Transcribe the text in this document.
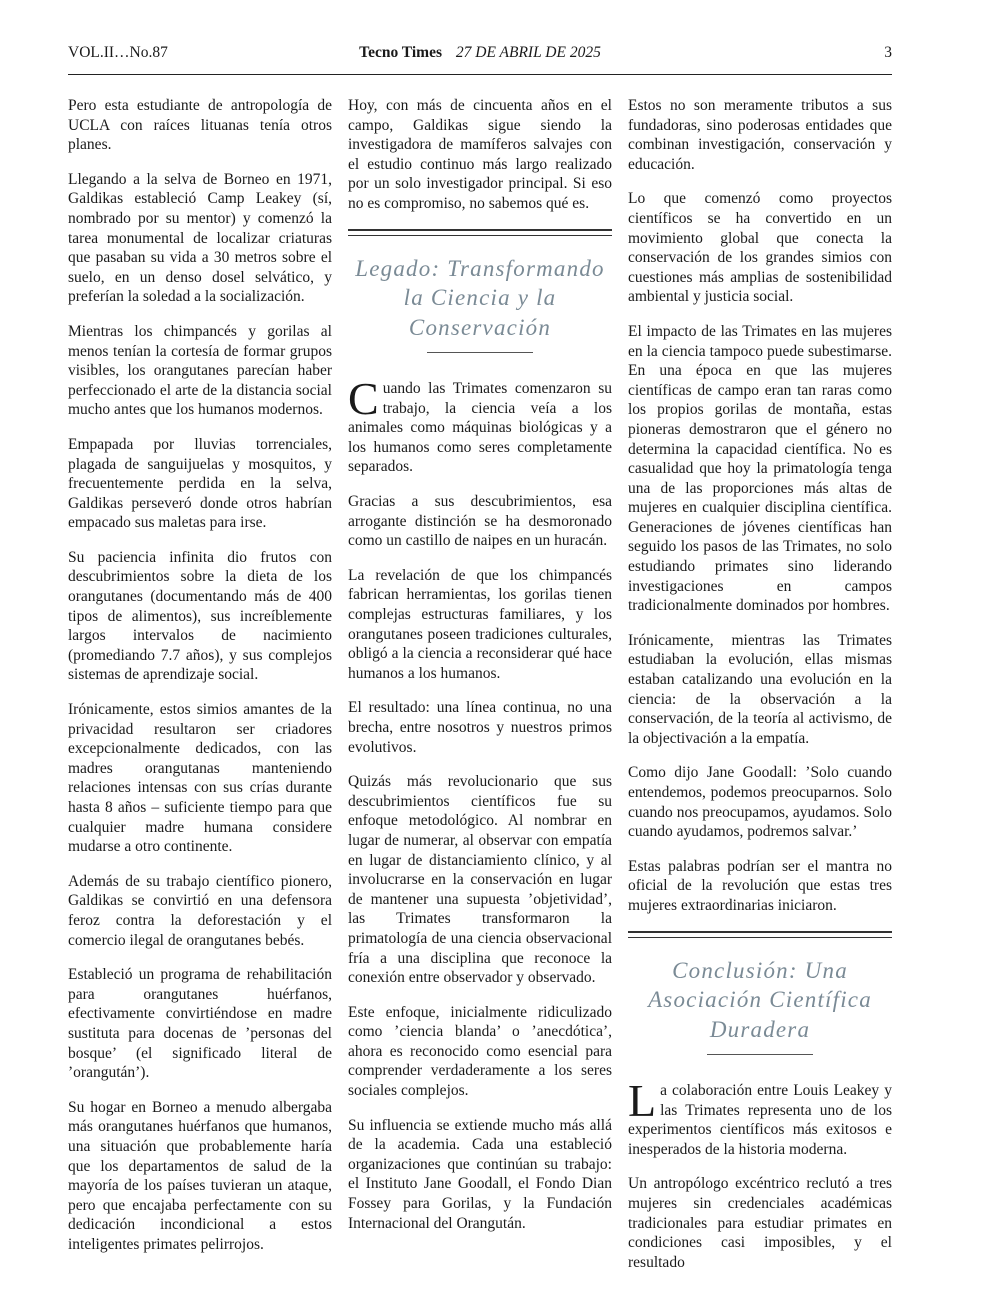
VOL.II…No.87	Tecno Times 27 DE ABRIL DE 2025	3

Pero esta estudiante de antropología de UCLA con raíces lituanas tenía otros planes.

Llegando a la selva de Borneo en 1971, Galdikas estableció Camp Leakey (sí, nombrado por su mentor) y comenzó la tarea monumental de localizar criaturas que pasaban su vida a 30 metros sobre el suelo, en un denso dosel selvático, y preferían la soledad a la socialización.

Mientras los chimpancés y gorilas al menos tenían la cortesía de formar grupos visibles, los orangutanes parecían haber perfeccionado el arte de la distancia social mucho antes que los humanos modernos.

Empapada por lluvias torrenciales, plagada de sanguijuelas y mosquitos, y frecuentemente perdida en la selva, Galdikas perseveró donde otros habrían empacado sus maletas para irse.

Su paciencia infinita dio frutos con descubrimientos sobre la dieta de los orangutanes (documentando más de 400 tipos de alimentos), sus increíblemente largos intervalos de nacimiento (promediando 7.7 años), y sus complejos sistemas de aprendizaje social.

Irónicamente, estos simios amantes de la privacidad resultaron ser criadores excepcionalmente dedicados, con las madres orangutanas manteniendo relaciones intensas con sus crías durante hasta 8 años – suficiente tiempo para que cualquier madre humana considere mudarse a otro continente.

Además de su trabajo científico pionero, Galdikas se convirtió en una defensora feroz contra la deforestación y el comercio ilegal de orangutanes bebés.

Estableció un programa de rehabilitación para orangutanes huérfanos, efectivamente convirtiéndose en madre sustituta para docenas de ’personas del bosque’ (el significado literal de ’orangután’).

Su hogar en Borneo a menudo albergaba más orangutanes huérfanos que humanos, una situación que probablemente haría que los departamentos de salud de la mayoría de los países tuvieran un ataque, pero que encajaba perfectamente con su dedicación incondicional a estos inteligentes primates pelirrojos.

Hoy, con más de cincuenta años en el campo, Galdikas sigue siendo la investigadora de mamíferos salvajes con el estudio continuo más largo realizado por un solo investigador principal. Si eso no es compromiso, no sabemos qué es.

Legado: Transformando la Ciencia y la Conservación

Cuando las Trimates comenzaron su trabajo, la ciencia veía a los animales como máquinas biológicas y a los humanos como seres completamente separados.

Gracias a sus descubrimientos, esa arrogante distinción se ha desmoronado como un castillo de naipes en un huracán.

La revelación de que los chimpancés fabrican herramientas, los gorilas tienen complejas estructuras familiares, y los orangutanes poseen tradiciones culturales, obligó a la ciencia a reconsiderar qué hace humanos a los humanos.

El resultado: una línea continua, no una brecha, entre nosotros y nuestros primos evolutivos.

Quizás más revolucionario que sus descubrimientos científicos fue su enfoque metodológico. Al nombrar en lugar de numerar, al observar con empatía en lugar de distanciamiento clínico, y al involucrarse en la conservación en lugar de mantener una supuesta ’objetividad’, las Trimates transformaron la primatología de una ciencia observacional fría a una disciplina que reconoce la conexión entre observador y observado.

Este enfoque, inicialmente ridiculizado como ’ciencia blanda’ o ’anecdótica’, ahora es reconocido como esencial para comprender verdaderamente a los seres sociales complejos.

Su influencia se extiende mucho más allá de la academia. Cada una estableció organizaciones que continúan su trabajo: el Instituto Jane Goodall, el Fondo Dian Fossey para Gorilas, y la Fundación Internacional del Orangután.

Estos no son meramente tributos a sus fundadoras, sino poderosas entidades que combinan investigación, conservación y educación.

Lo que comenzó como proyectos científicos se ha convertido en un movimiento global que conecta la conservación de los grandes simios con cuestiones más amplias de sostenibilidad ambiental y justicia social.

El impacto de las Trimates en las mujeres en la ciencia tampoco puede subestimarse. En una época en que las mujeres científicas de campo eran tan raras como los propios gorilas de montaña, estas pioneras demostraron que el género no determina la capacidad científica. No es casualidad que hoy la primatología tenga una de las proporciones más altas de mujeres en cualquier disciplina científica. Generaciones de jóvenes científicas han seguido los pasos de las Trimates, no solo estudiando primates sino liderando investigaciones en campos tradicionalmente dominados por hombres.

Irónicamente, mientras las Trimates estudiaban la evolución, ellas mismas estaban catalizando una evolución en la ciencia: de la observación a la conservación, de la teoría al activismo, de la objectivación a la empatía.

Como dijo Jane Goodall: ’Solo cuando entendemos, podemos preocuparnos. Solo cuando nos preocupamos, ayudamos. Solo cuando ayudamos, podremos salvar.’

Estas palabras podrían ser el mantra no oficial de la revolución que estas tres mujeres extraordinarias iniciaron.

Conclusión: Una Asociación Científica Duradera

La colaboración entre Louis Leakey y las Trimates representa uno de los experimentos científicos más exitosos e inesperados de la historia moderna.

Un antropólogo excéntrico reclutó a tres mujeres sin credenciales académicas tradicionales para estudiar primates en condiciones casi imposibles, y el resultado
